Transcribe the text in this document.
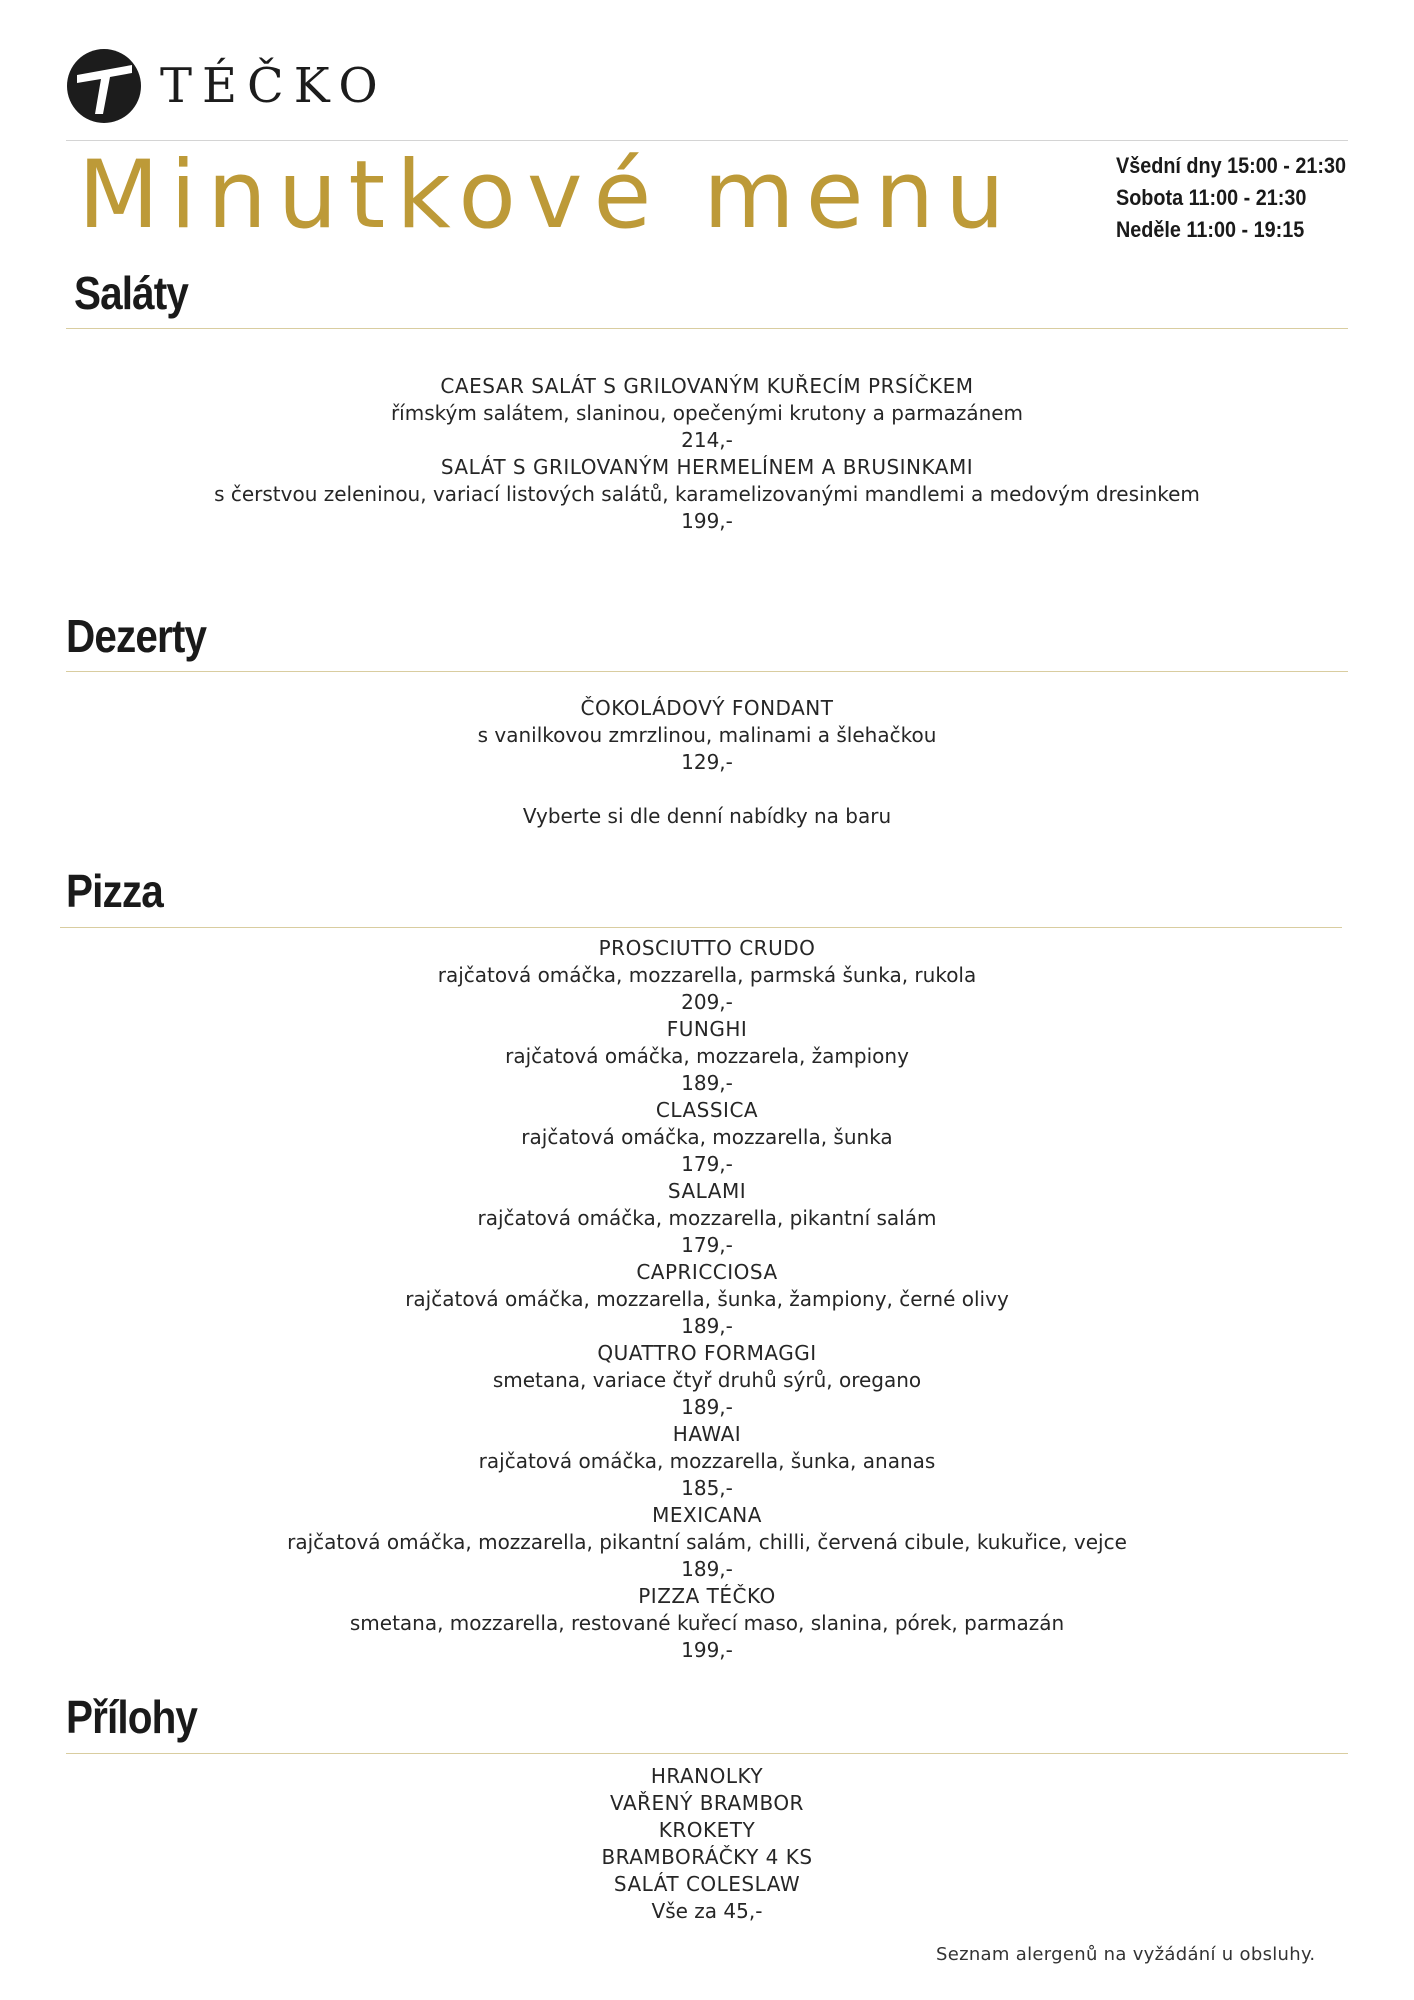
TÉČKO
Minutkové menu	Všední dny 15:00 - 21:30
Sobota 11:00 - 21:30
Neděle 11:00 - 19:15
Saláty
CAESAR SALÁT S GRILOVANÝM KUŘECÍM PRSÍČKEM
římským salátem, slaninou, opečenými krutony a parmazánem
214,-
SALÁT S GRILOVANÝM HERMELÍNEM A BRUSINKAMI
s čerstvou zeleninou, variací listových salátů, karamelizovanými mandlemi a medovým dresinkem
199,-
Dezerty
ČOKOLÁDOVÝ FONDANT
s vanilkovou zmrzlinou, malinami a šlehačkou
129,-
Vyberte si dle denní nabídky na baru
Pizza
PROSCIUTTO CRUDO
rajčatová omáčka, mozzarella, parmská šunka, rukola
209,-
FUNGHI
rajčatová omáčka, mozzarela, žampiony
189,-
CLASSICA
rajčatová omáčka, mozzarella, šunka
179,-
SALAMI
rajčatová omáčka, mozzarella, pikantní salám
179,-
CAPRICCIOSA
rajčatová omáčka, mozzarella, šunka, žampiony, černé olivy
189,-
QUATTRO FORMAGGI
smetana, variace čtyř druhů sýrů, oregano
189,-
HAWAI
rajčatová omáčka, mozzarella, šunka, ananas
185,-
MEXICANA
rajčatová omáčka, mozzarella, pikantní salám, chilli, červená cibule, kukuřice, vejce
189,-
PIZZA TÉČKO
smetana, mozzarella, restované kuřecí maso, slanina, pórek, parmazán
199,-
Přílohy
HRANOLKY
VAŘENÝ BRAMBOR
KROKETY
BRAMBORÁČKY 4 KS
SALÁT COLESLAW
Vše za 45,-
Seznam alergenů na vyžádání u obsluhy.
